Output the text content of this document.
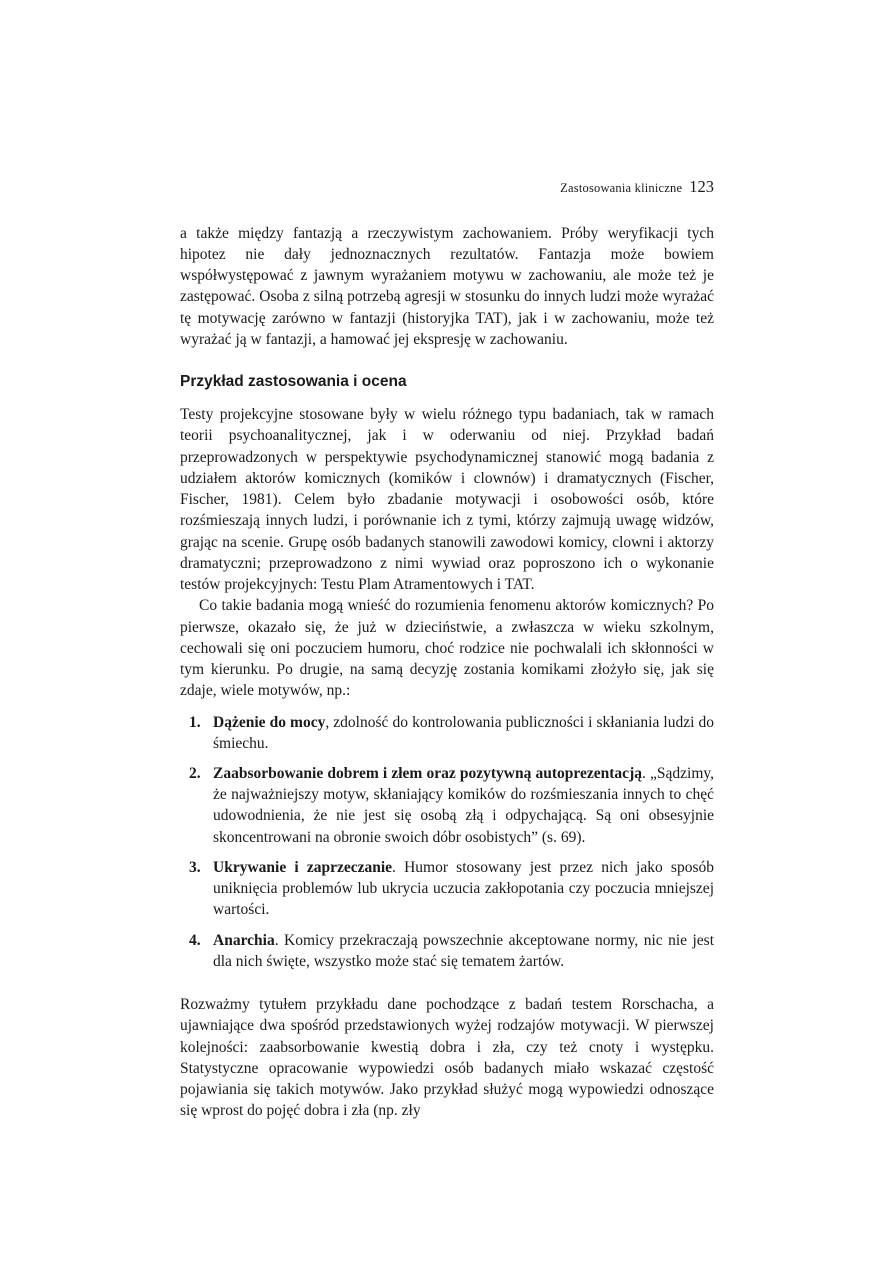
Zastosowania kliniczne 123

a także między fantazją a rzeczywistym zachowaniem. Próby weryfikacji tych hipotez nie dały jednoznacznych rezultatów. Fantazja może bowiem współwystępować z jawnym wyrażaniem motywu w zachowaniu, ale może też je zastępować. Osoba z silną potrzebą agresji w stosunku do innych ludzi może wyrażać tę motywację zarówno w fantazji (historyjka TAT), jak i w zachowaniu, może też wyrażać ją w fantazji, a hamować jej ekspresję w zachowaniu.

Przykład zastosowania i ocena

Testy projekcyjne stosowane były w wielu różnego typu badaniach, tak w ramach teorii psychoanalitycznej, jak i w oderwaniu od niej. Przykład badań przeprowadzonych w perspektywie psychodynamicznej stanowić mogą badania z udziałem aktorów komicznych (komików i clownów) i dramatycznych (Fischer, Fischer, 1981). Celem było zbadanie motywacji i osobowości osób, które rozśmieszają innych ludzi, i porównanie ich z tymi, którzy zajmują uwagę widzów, grając na scenie. Grupę osób badanych stanowili zawodowi komicy, clowni i aktorzy dramatyczni; przeprowadzono z nimi wywiad oraz poproszono ich o wykonanie testów projekcyjnych: Testu Plam Atramentowych i TAT.

Co takie badania mogą wnieść do rozumienia fenomenu aktorów komicznych? Po pierwsze, okazało się, że już w dzieciństwie, a zwłaszcza w wieku szkolnym, cechowali się oni poczuciem humoru, choć rodzice nie pochwalali ich skłonności w tym kierunku. Po drugie, na samą decyzję zostania komikami złożyło się, jak się zdaje, wiele motywów, np.:

1. Dążenie do mocy, zdolność do kontrolowania publiczności i skłaniania ludzi do śmiechu.

2. Zaabsorbowanie dobrem i złem oraz pozytywną autoprezentacją. „Sądzimy, że najważniejszy motyw, skłaniający komików do rozśmieszania innych to chęć udowodnienia, że nie jest się osobą złą i odpychającą. Są oni obsesyjnie skoncentrowani na obronie swoich dóbr osobistych” (s. 69).

3. Ukrywanie i zaprzeczanie. Humor stosowany jest przez nich jako sposób uniknięcia problemów lub ukrycia uczucia zakłopotania czy poczucia mniejszej wartości.

4. Anarchia. Komicy przekraczają powszechnie akceptowane normy, nic nie jest dla nich święte, wszystko może stać się tematem żartów.

Rozważmy tytułem przykładu dane pochodzące z badań testem Rorschacha, a ujawniające dwa spośród przedstawionych wyżej rodzajów motywacji. W pierwszej kolejności: zaabsorbowanie kwestią dobra i zła, czy też cnoty i występku. Statystyczne opracowanie wypowiedzi osób badanych miało wskazać częstość pojawiania się takich motywów. Jako przykład służyć mogą wypowiedzi odnoszące się wprost do pojęć dobra i zła (np. zły
